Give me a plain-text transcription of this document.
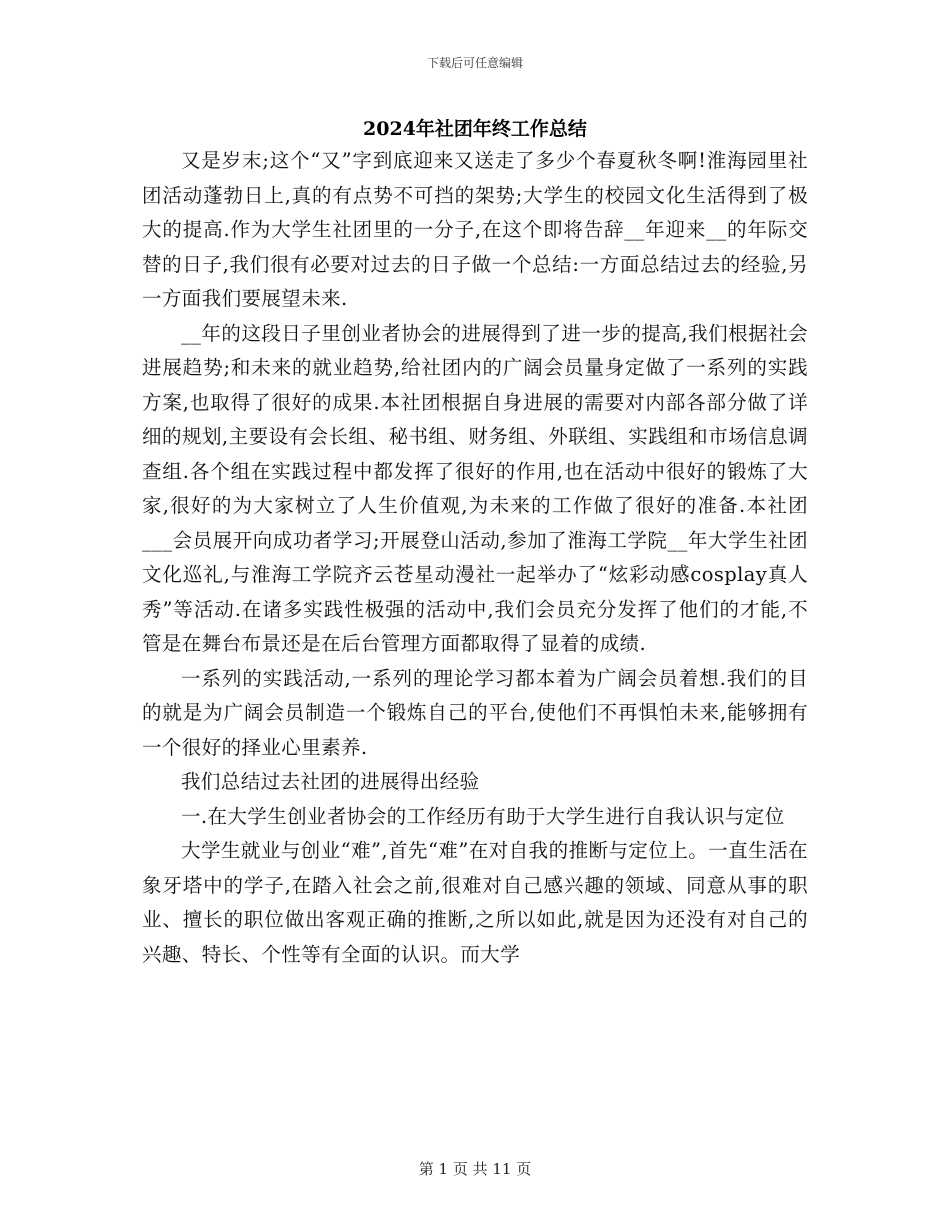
下载后可任意编辑
2024年社团年终工作总结

又是岁末;这个“又”字到底迎来又送走了多少个春夏秋冬啊!淮海园里社团活动蓬勃日上,真的有点势不可挡的架势;大学生的校园文化生活得到了极大的提高.作为大学生社团里的一分子,在这个即将告辞__年迎来__的年际交替的日子,我们很有必要对过去的日子做一个总结:一方面总结过去的经验,另一方面我们要展望未来.

__年的这段日子里创业者协会的进展得到了进一步的提高,我们根据社会进展趋势;和未来的就业趋势,给社团内的广阔会员量身定做了一系列的实践方案,也取得了很好的成果.本社团根据自身进展的需要对内部各部分做了详细的规划,主要设有会长组、秘书组、财务组、外联组、实践组和市场信息调查组.各个组在实践过程中都发挥了很好的作用,也在活动中很好的锻炼了大家,很好的为大家树立了人生价值观,为未来的工作做了很好的准备.本社团___会员展开向成功者学习;开展登山活动,参加了淮海工学院__年大学生社团文化巡礼,与淮海工学院齐云苍星动漫社一起举办了“炫彩动感cosplay真人秀”等活动.在诸多实践性极强的活动中,我们会员充分发挥了他们的才能,不管是在舞台布景还是在后台管理方面都取得了显着的成绩.

一系列的实践活动,一系列的理论学习都本着为广阔会员着想.我们的目的就是为广阔会员制造一个锻炼自己的平台,使他们不再惧怕未来,能够拥有一个很好的择业心里素养.

我们总结过去社团的进展得出经验

一.在大学生创业者协会的工作经历有助于大学生进行自我认识与定位

大学生就业与创业“难”,首先“难”在对自我的推断与定位上。一直生活在象牙塔中的学子,在踏入社会之前,很难对自己感兴趣的领域、同意从事的职业、擅长的职位做出客观正确的推断,之所以如此,就是因为还没有对自己的兴趣、特长、个性等有全面的认识。而大学

第 1 页 共 11 页
